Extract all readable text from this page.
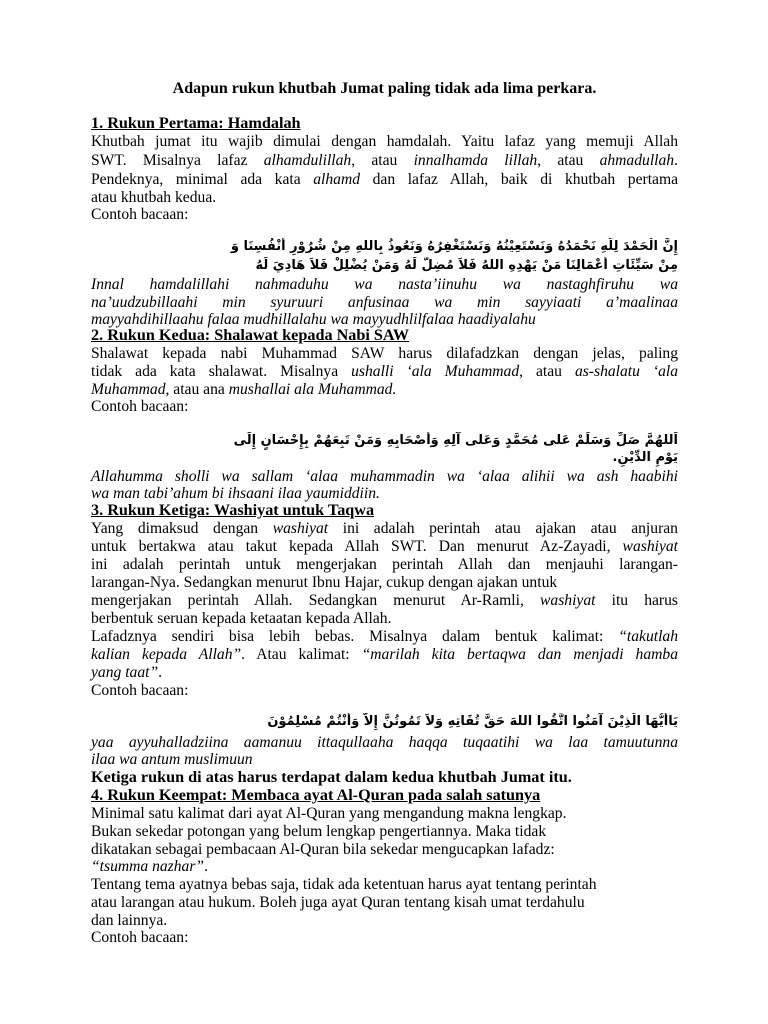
Adapun rukun khutbah Jumat paling tidak ada lima perkara.
1. Rukun Pertama: Hamdalah
Khutbah jumat itu wajib dimulai dengan hamdalah. Yaitu lafaz yang memuji Allah
SWT. Misalnya lafaz alhamdulillah, atau innalhamda lillah, atau ahmadullah.
Pendeknya, minimal ada kata alhamd dan lafaz Allah, baik di khutbah pertama
atau khutbah kedua.
Contoh bacaan:
إِنَّ الْحَمْدَ لِلَّهِ نَحْمَدُهُ وَنَسْتَعِيْنُهُ وَنَسْتَغْفِرُهُ وَنَعُوذُ بِاللهِ مِنْ شُرُوْرِ أَنْفُسِنَا وَ
مِنْ سَيِّئَاتِ أَعْمَالِنَا مَنْ يَهْدِهِ اللهُ فَلاَ مُضِلَّ لَهُ وَمَنْ يُضْلِلْ فَلاَ هَادِيَ لَهُ
Innal hamdalillahi nahmaduhu wa nasta’iinuhu wa nastaghfiruhu wa
na’uudzubillaahi min syuruuri anfusinaa wa min sayyiaati a’maalinaa
mayyahdihillaahu falaa mudhillalahu wa mayyudhlilfalaa haadiyalahu
2. Rukun Kedua: Shalawat kepada Nabi SAW
Shalawat kepada nabi Muhammad SAW harus dilafadzkan dengan jelas, paling
tidak ada kata shalawat. Misalnya ushalli ‘ala Muhammad, atau as-shalatu ‘ala
Muhammad, atau ana mushallai ala Muhammad.
Contoh bacaan:
اَللهُمَّ صَلِّ وَسَلِّمْ عَلى مُحَمَّدٍ وَعَلى آلِهِ وَأَصْحَابِهِ وَمَنْ تَبِعَهُمْ بِإِحْسَانٍ إِلَى
يَوْمِ الدِّيْنِ.
Allahumma sholli wa sallam ‘alaa muhammadin wa ‘alaa alihii wa ash haabihi
wa man tabi’ahum bi ihsaani ilaa yaumiddiin.
3. Rukun Ketiga: Washiyat untuk Taqwa
Yang dimaksud dengan washiyat ini adalah perintah atau ajakan atau anjuran
untuk bertakwa atau takut kepada Allah SWT. Dan menurut Az-Zayadi, washiyat
ini adalah perintah untuk mengerjakan perintah Allah dan menjauhi larangan-
larangan-Nya. Sedangkan menurut Ibnu Hajar, cukup dengan ajakan untuk
mengerjakan perintah Allah. Sedangkan menurut Ar-Ramli, washiyat itu harus
berbentuk seruan kepada ketaatan kepada Allah.
Lafadznya sendiri bisa lebih bebas. Misalnya dalam bentuk kalimat: “takutlah
kalian kepada Allah”. Atau kalimat: “marilah kita bertaqwa dan menjadi hamba
yang taat”.
Contoh bacaan:
يَاأَيُّهَا الَّذِيْنَ آمَنُوا اتَّقُوا اللهَ حَقَّ تُقَاتِهِ وَلاَ تَمُوتُنَّ إِلاَّ وَأَنْتُمْ مُسْلِمُوْنَ
yaa ayyuhalladziina aamanuu ittaqullaaha haqqa tuqaatihi wa laa tamuutunna
ilaa wa antum muslimuun
Ketiga rukun di atas harus terdapat dalam kedua khutbah Jumat itu.
4. Rukun Keempat: Membaca ayat Al-Quran pada salah satunya
Minimal satu kalimat dari ayat Al-Quran yang mengandung makna lengkap.
Bukan sekedar potongan yang belum lengkap pengertiannya. Maka tidak
dikatakan sebagai pembacaan Al-Quran bila sekedar mengucapkan lafadz:
“tsumma nazhar”.
Tentang tema ayatnya bebas saja, tidak ada ketentuan harus ayat tentang perintah
atau larangan atau hukum. Boleh juga ayat Quran tentang kisah umat terdahulu
dan lainnya.
Contoh bacaan:
